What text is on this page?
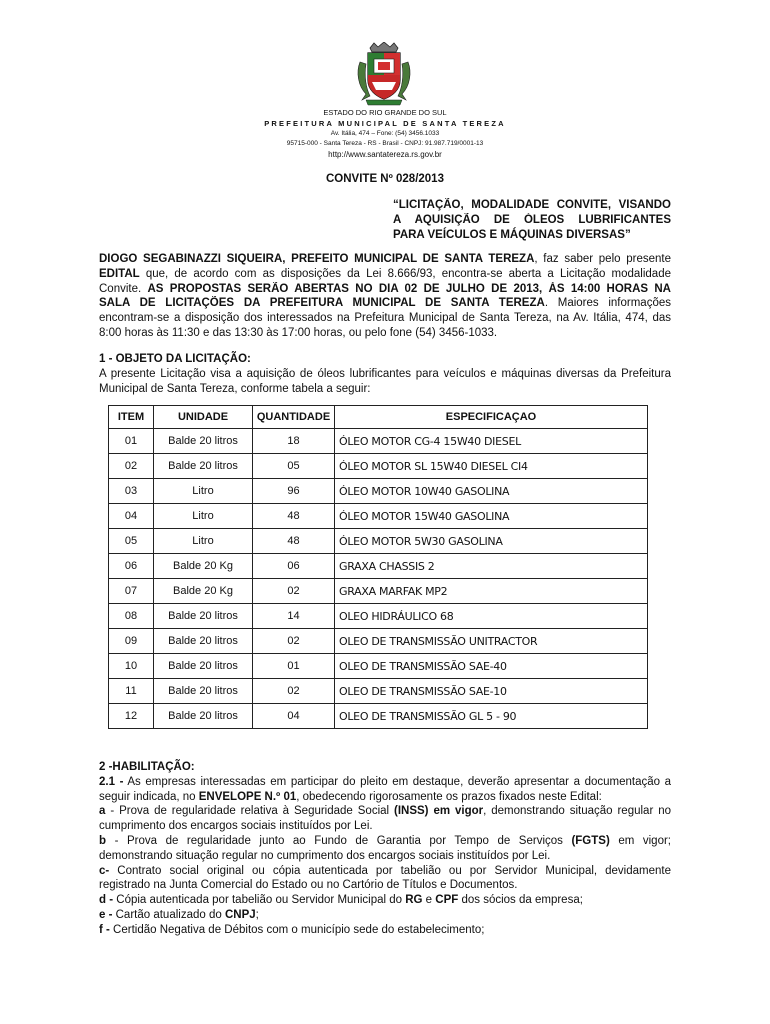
ESTADO DO RIO GRANDE DO SUL
PREFEITURA MUNICIPAL DE SANTA TEREZA
Av. Itália, 474 – Fone: (54) 3456.1033
95715-000 - Santa Tereza - RS - Brasil - CNPJ: 91.987.719/0001-13
http://www.santatereza.rs.gov.br
CONVITE Nº 028/2013
“LICITAÇÃO, MODALIDADE CONVITE, VISANDO
A AQUISIÇÃO DE ÓLEOS LUBRIFICANTES
PARA VEÍCULOS E MÁQUINAS DIVERSAS”
DIOGO SEGABINAZZI SIQUEIRA, PREFEITO MUNICIPAL DE SANTA TEREZA, faz saber pelo presente
EDITAL que, de acordo com as disposições da Lei 8.666/93, encontra-se aberta a Licitação modalidade
Convite. AS PROPOSTAS SERÃO ABERTAS NO DIA 02 DE JULHO DE 2013, ÀS 14:00 HORAS NA
SALA DE LICITAÇÕES DA PREFEITURA MUNICIPAL DE SANTA TEREZA. Maiores informações
encontram-se a disposição dos interessados na Prefeitura Municipal de Santa Tereza, na Av. Itália, 474, das
8:00 horas às 11:30 e das 13:30 às 17:00 horas, ou pelo fone (54) 3456-1033.
1 - OBJETO DA LICITAÇÃO:
A presente Licitação visa a aquisição de óleos lubrificantes para veículos e máquinas diversas da Prefeitura
Municipal de Santa Tereza, conforme tabela a seguir:
ITEM	UNIDADE	QUANTIDADE	ESPECIFICAÇAO
01	Balde 20 litros	18	ÓLEO MOTOR CG-4 15W40 DIESEL
02	Balde 20 litros	05	ÓLEO MOTOR SL 15W40 DIESEL CI4
03	Litro	96	ÓLEO MOTOR 10W40 GASOLINA
04	Litro	48	ÓLEO MOTOR 15W40 GASOLINA
05	Litro	48	ÓLEO MOTOR 5W30 GASOLINA
06	Balde 20 Kg	06	GRAXA CHASSIS 2
07	Balde 20 Kg	02	GRAXA MARFAK MP2
08	Balde 20 litros	14	OLEO HIDRÁULICO 68
09	Balde 20 litros	02	OLEO DE TRANSMISSÃO UNITRACTOR
10	Balde 20 litros	01	OLEO DE TRANSMISSÃO SAE-40
11	Balde 20 litros	02	OLEO DE TRANSMISSÃO SAE-10
12	Balde 20 litros	04	OLEO DE TRANSMISSÃO GL 5 - 90
2 -HABILITAÇÃO:
2.1 - As empresas interessadas em participar do pleito em destaque, deverão apresentar a documentação a
seguir indicada, no ENVELOPE N.º 01, obedecendo rigorosamente os prazos fixados neste Edital:
a - Prova de regularidade relativa à Seguridade Social (INSS) em vigor, demonstrando situação regular no
cumprimento dos encargos sociais instituídos por Lei.
b - Prova de regularidade junto ao Fundo de Garantia por Tempo de Serviços (FGTS) em vigor;
demonstrando situação regular no cumprimento dos encargos sociais instituídos por Lei.
c- Contrato social original ou cópia autenticada por tabelião ou por Servidor Municipal, devidamente
registrado na Junta Comercial do Estado ou no Cartório de Títulos e Documentos.
d - Cópia autenticada por tabelião ou Servidor Municipal do RG e CPF dos sócios da empresa;
e - Cartão atualizado do CNPJ;
f - Certidão Negativa de Débitos com o município sede do estabelecimento;
